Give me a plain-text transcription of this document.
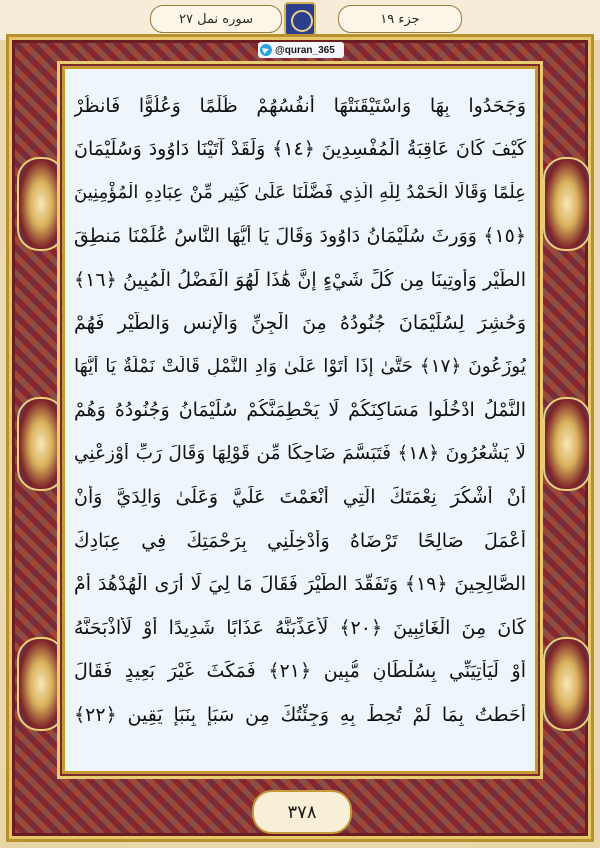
سوره نمل ۲۷	جزء ۱۹
@quran_365
وَجَحَدُوا بِهَا وَاسْتَيْقَنَتْهَا أَنفُسُهُمْ ظُلْمًا وَعُلُوًّا فَانظُرْ
كَيْفَ كَانَ عَاقِبَةُ الْمُفْسِدِينَ ﴿١٤﴾ وَلَقَدْ آتَيْنَا دَاوُودَ وَسُلَيْمَانَ
عِلْمًا وَقَالَا الْحَمْدُ لِلَّهِ الَّذِي فَضَّلَنَا عَلَىٰ كَثِيرٍ مِّنْ عِبَادِهِ الْمُؤْمِنِينَ
﴿١٥﴾ وَوَرِثَ سُلَيْمَانُ دَاوُودَ وَقَالَ يَا أَيُّهَا النَّاسُ عُلِّمْنَا مَنطِقَ
الطَّيْرِ وَأُوتِينَا مِن كُلِّ شَيْءٍ إِنَّ هَٰذَا لَهُوَ الْفَضْلُ الْمُبِينُ ﴿١٦﴾
وَحُشِرَ لِسُلَيْمَانَ جُنُودُهُ مِنَ الْجِنِّ وَالْإِنسِ وَالطَّيْرِ فَهُمْ
يُوزَعُونَ ﴿١٧﴾ حَتَّىٰ إِذَا أَتَوْا عَلَىٰ وَادِ النَّمْلِ قَالَتْ نَمْلَةٌ يَا أَيُّهَا
النَّمْلُ ادْخُلُوا مَسَاكِنَكُمْ لَا يَحْطِمَنَّكُمْ سُلَيْمَانُ وَجُنُودُهُ وَهُمْ
لَا يَشْعُرُونَ ﴿١٨﴾ فَتَبَسَّمَ ضَاحِكًا مِّن قَوْلِهَا وَقَالَ رَبِّ أَوْزِعْنِي
أَنْ أَشْكُرَ نِعْمَتَكَ الَّتِي أَنْعَمْتَ عَلَيَّ وَعَلَىٰ وَالِدَيَّ وَأَنْ
أَعْمَلَ صَالِحًا تَرْضَاهُ وَأَدْخِلْنِي بِرَحْمَتِكَ فِي عِبَادِكَ
الصَّالِحِينَ ﴿١٩﴾ وَتَفَقَّدَ الطَّيْرَ فَقَالَ مَا لِيَ لَا أَرَى الْهُدْهُدَ أَمْ
كَانَ مِنَ الْغَائِبِينَ ﴿٢٠﴾ لَأُعَذِّبَنَّهُ عَذَابًا شَدِيدًا أَوْ لَأَاذْبَحَنَّهُ
أَوْ لَيَأْتِيَنِّي بِسُلْطَانٍ مُّبِينٍ ﴿٢١﴾ فَمَكَثَ غَيْرَ بَعِيدٍ فَقَالَ
أَحَطتُ بِمَا لَمْ تُحِطْ بِهِ وَجِئْتُكَ مِن سَبَإٍ بِنَبَإٍ يَقِينٍ ﴿٢٢﴾
۳۷۸
